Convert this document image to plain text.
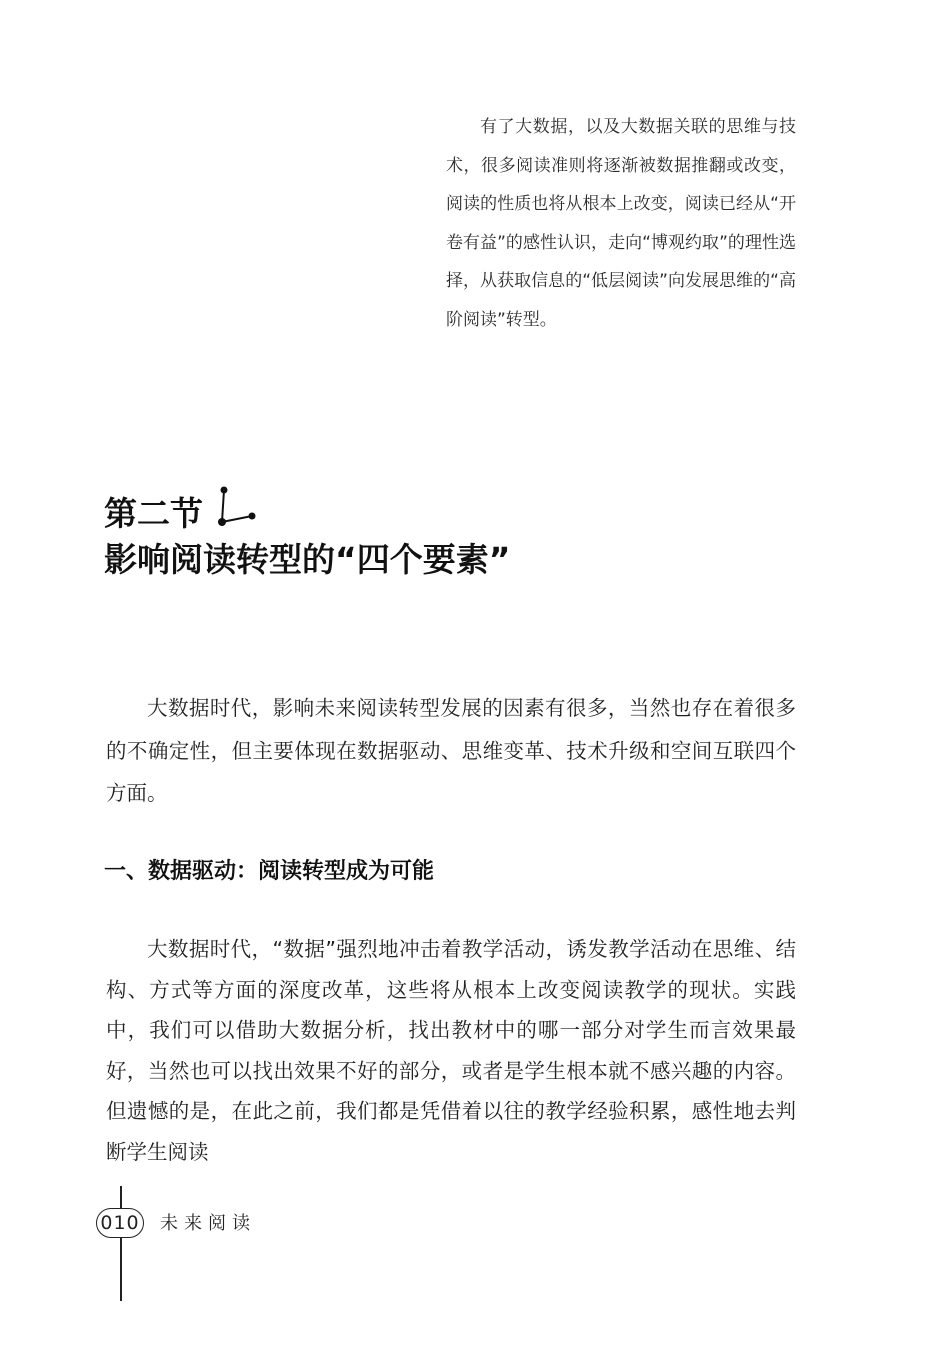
有了大数据，以及大数据关联的思维与技术，很多阅读准则将逐渐被数据推翻或改变，阅读的性质也将从根本上改变，阅读已经从“开卷有益”的感性认识，走向“博观约取”的理性选择，从获取信息的“低层阅读”向发展思维的“高阶阅读”转型。

第二节
影响阅读转型的“四个要素”

大数据时代，影响未来阅读转型发展的因素有很多，当然也存在着很多的不确定性，但主要体现在数据驱动、思维变革、技术升级和空间互联四个方面。

一、数据驱动：阅读转型成为可能

大数据时代，“数据”强烈地冲击着教学活动，诱发教学活动在思维、结构、方式等方面的深度改革，这些将从根本上改变阅读教学的现状。实践中，我们可以借助大数据分析，找出教材中的哪一部分对学生而言效果最好，当然也可以找出效果不好的部分，或者是学生根本就不感兴趣的内容。但遗憾的是，在此之前，我们都是凭借着以往的教学经验积累，感性地去判断学生阅读

010 未来阅读
